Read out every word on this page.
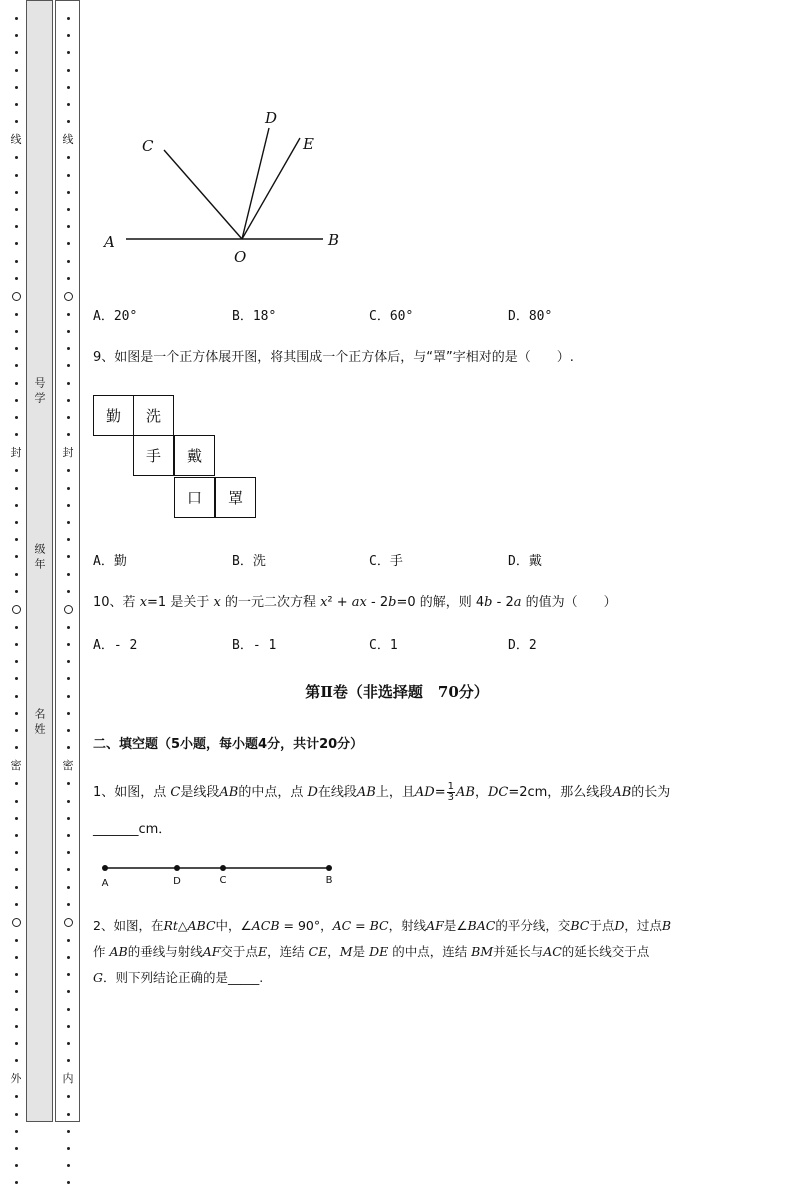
线
封
密
外
线
封
密
内
号学
级年
名姓
A	B
C
D
E
O
A．20°	B．18°	C．60°	D．80°
9、如图是一个正方体展开图，将其围成一个正方体后，与“罩”字相对的是（　　）.
勤	洗
手	戴
口	罩
A．勤	B．洗	C．手	D．戴
10、若 x=1 是关于 x 的一元二次方程 x² + ax - 2b=0 的解，则 4b - 2a 的值为（　　）
A．- 2	B．- 1	C．1	D．2
第Ⅱ卷（非选择题　70分）
二、填空题（5小题，每小题4分，共计20分）
1、如图，点 C是线段AB的中点，点 D在线段AB上，且$AD= \frac{1}{3}$ AB，DC=2cm，那么线段AB的长为
_______cm．
A	D	C	B
2、如图，在Rt△ABC中，∠ACB = 90°，AC = BC，射线AF是∠BAC的平分线，交BC于点D，过点B
作 AB的垂线与射线AF交于点E，连结 CE，M是 DE 的中点，连结 BM并延长与AC的延长线交于点
G．则下列结论正确的是_____.
